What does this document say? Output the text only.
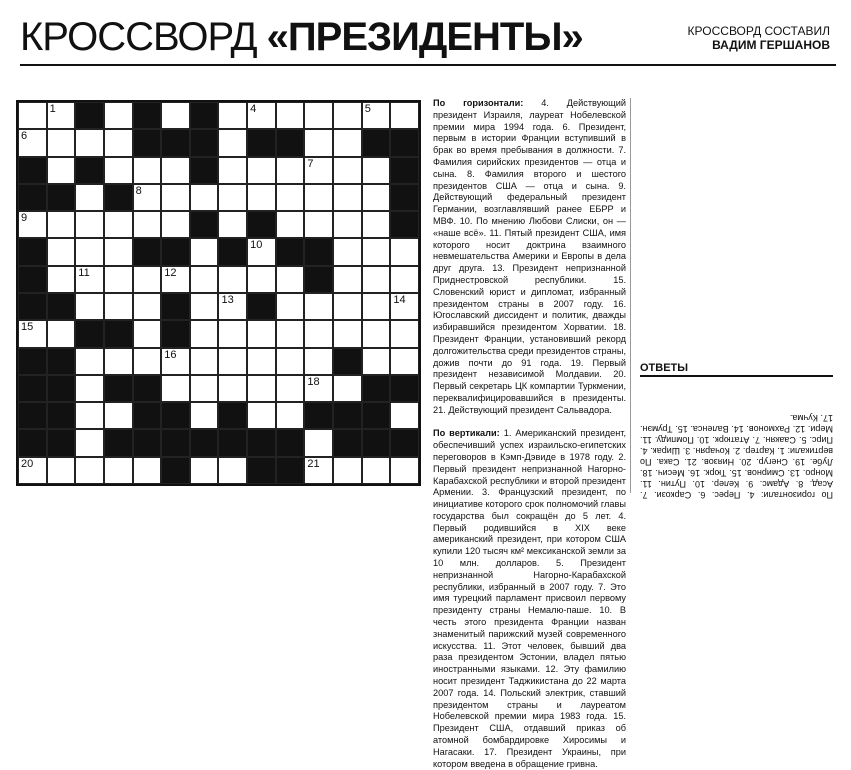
КРОССВОРД «ПРЕЗИДЕНТЫ»	КРОССВОРД СОСТАВИЛ
ВАДИМ ГЕРШАНОВ
1	4	5
6
7
8
9
10
11	12
13	14
15
16
18
20	21
По горизонтали: 4. Действующий президент Израиля, лауреат Нобелевской премии мира 1994 года. 6. Президент, первым в истории Франции вступивший в брак во время пребывания в должности. 7. Фамилия сирийских президентов — отца и сына. 8. Фамилия второго и шестого президентов США — отца и сына. 9. Действующий федеральный президент Германии, возглавлявший ранее ЕБРР и МВФ. 10. По мнению Любови Слиски, он — «наше всё». 11. Пятый президент США, имя которого носит доктрина взаимного невмешательства Америки и Европы в дела друг друга. 13. Президент непризнанной Приднестровской республики. 15. Словенский юрист и дипломат, избранный президентом страны в 2007 году. 16. Югославский диссидент и политик, дважды избиравшийся президентом Хорватии. 18. Президент Франции, установивший рекорд долгожительства среди президентов страны, дожив почти до 91 года. 19. Первый президент независимой Молдавии. 20. Первый секретарь ЦК компартии Туркмении, переквалифицировавшийся в президенты. 21. Действующий президент Сальвадора.

По вертикали: 1. Американский президент, обеспечивший успех израильско-египетских переговоров в Кэмп-Дэвиде в 1978 году. 2. Первый президент непризнанной Нагорно-Карабахской республики и второй президент Армении. 3. Французский президент, по инициативе которого срок полномочий главы государства был сокращён до 5 лет. 4. Первый родившийся в XIX веке американский президент, при котором США купили 120 тысяч км² мексиканской земли за 10 млн. долларов. 5. Президент непризнанной Нагорно-Карабахской республики, избранный в 2007 году. 7. Это имя турецкий парламент присвоил первому президенту страны Немалю-паше. 10. В честь этого президента Франции назван знаменитый парижский музей современного искусства. 11. Этот человек, бывший два раза президентом Эстонии, владел пятью иностранными языками. 12. Эту фамилию носит президент Таджикистана до 22 марта 2007 года. 14. Польский электрик, ставший президентом страны и лауреатом Нобелевской премии мира 1983 года. 15. Президент США, отдавший приказ об атомной бомбардировке Хиросимы и Нагасаки. 17. Президент Украины, при котором введена в обращение гривна.
ОТВЕТЫ
По горизонтали: 4. Перес. 6. Саркози. 7. Асад. 8. Адамс. 9. Келер. 10. Путин. 11. Монро. 13. Смирнов. 15. Тюрк. 16. Месич. 18. Лубе. 19. Снегур. 20. Ниязов. 21. Сака. По вертикали: 1. Картер. 2. Кочарян. 3. Ширак. 4. Пирс. 5. Саакян. 7. Ататюрк. 10. Помпиду. 11. Мери. 12. Рахмонов. 14. Валенса. 15. Трумэн. 17. Кучма.
